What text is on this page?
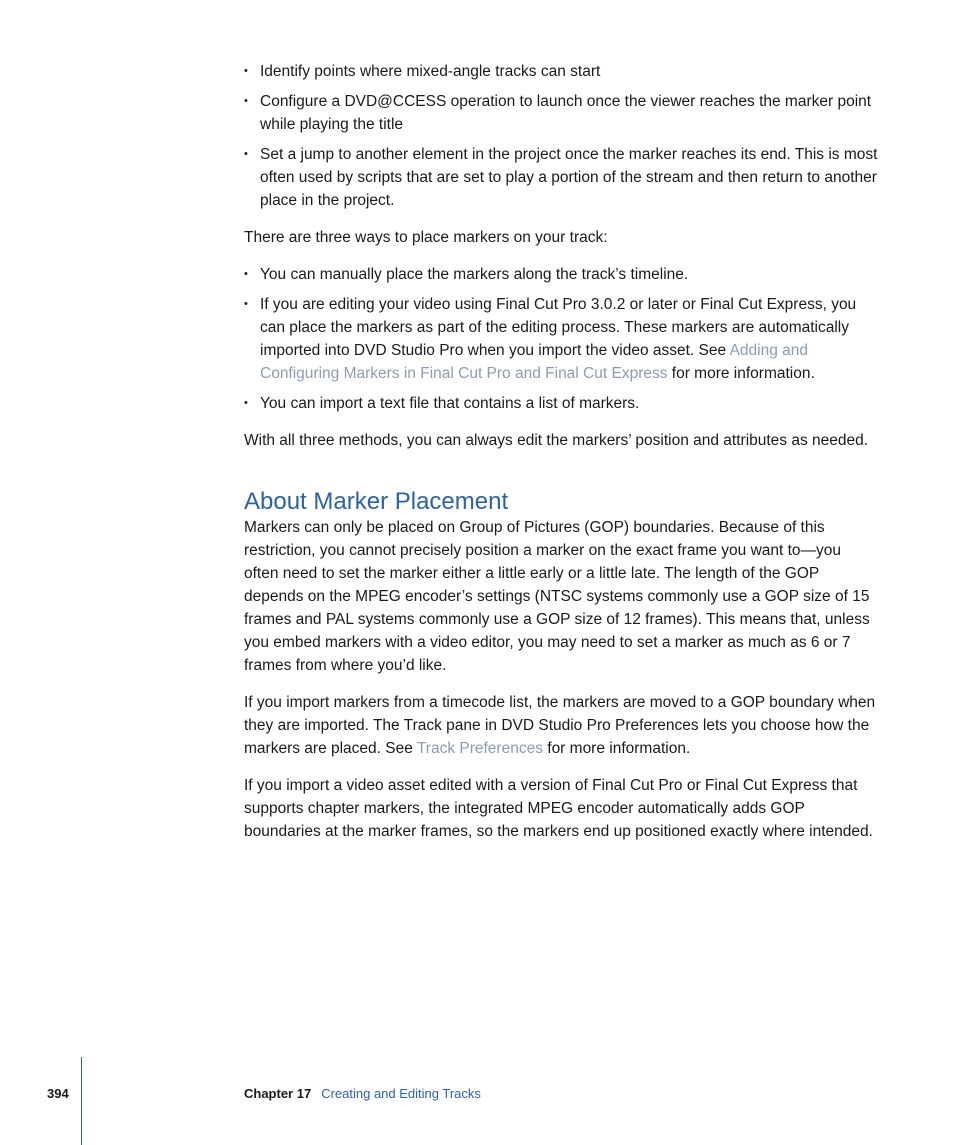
• Identify points where mixed-angle tracks can start
• Configure a DVD@CCESS operation to launch once the viewer reaches the marker point while playing the title
• Set a jump to another element in the project once the marker reaches its end. This is most often used by scripts that are set to play a portion of the stream and then return to another place in the project.

There are three ways to place markers on your track:

• You can manually place the markers along the track’s timeline.
• If you are editing your video using Final Cut Pro 3.0.2 or later or Final Cut Express, you can place the markers as part of the editing process. These markers are automatically imported into DVD Studio Pro when you import the video asset. See Adding and Configuring Markers in Final Cut Pro and Final Cut Express for more information.
• You can import a text file that contains a list of markers.

With all three methods, you can always edit the markers’ position and attributes as needed.

About Marker Placement

Markers can only be placed on Group of Pictures (GOP) boundaries. Because of this restriction, you cannot precisely position a marker on the exact frame you want to—you often need to set the marker either a little early or a little late. The length of the GOP depends on the MPEG encoder’s settings (NTSC systems commonly use a GOP size of 15 frames and PAL systems commonly use a GOP size of 12 frames). This means that, unless you embed markers with a video editor, you may need to set a marker as much as 6 or 7 frames from where you’d like.

If you import markers from a timecode list, the markers are moved to a GOP boundary when they are imported. The Track pane in DVD Studio Pro Preferences lets you choose how the markers are placed. See Track Preferences for more information.

If you import a video asset edited with a version of Final Cut Pro or Final Cut Express that supports chapter markers, the integrated MPEG encoder automatically adds GOP boundaries at the marker frames, so the markers end up positioned exactly where intended.

394	Chapter 17 Creating and Editing Tracks
